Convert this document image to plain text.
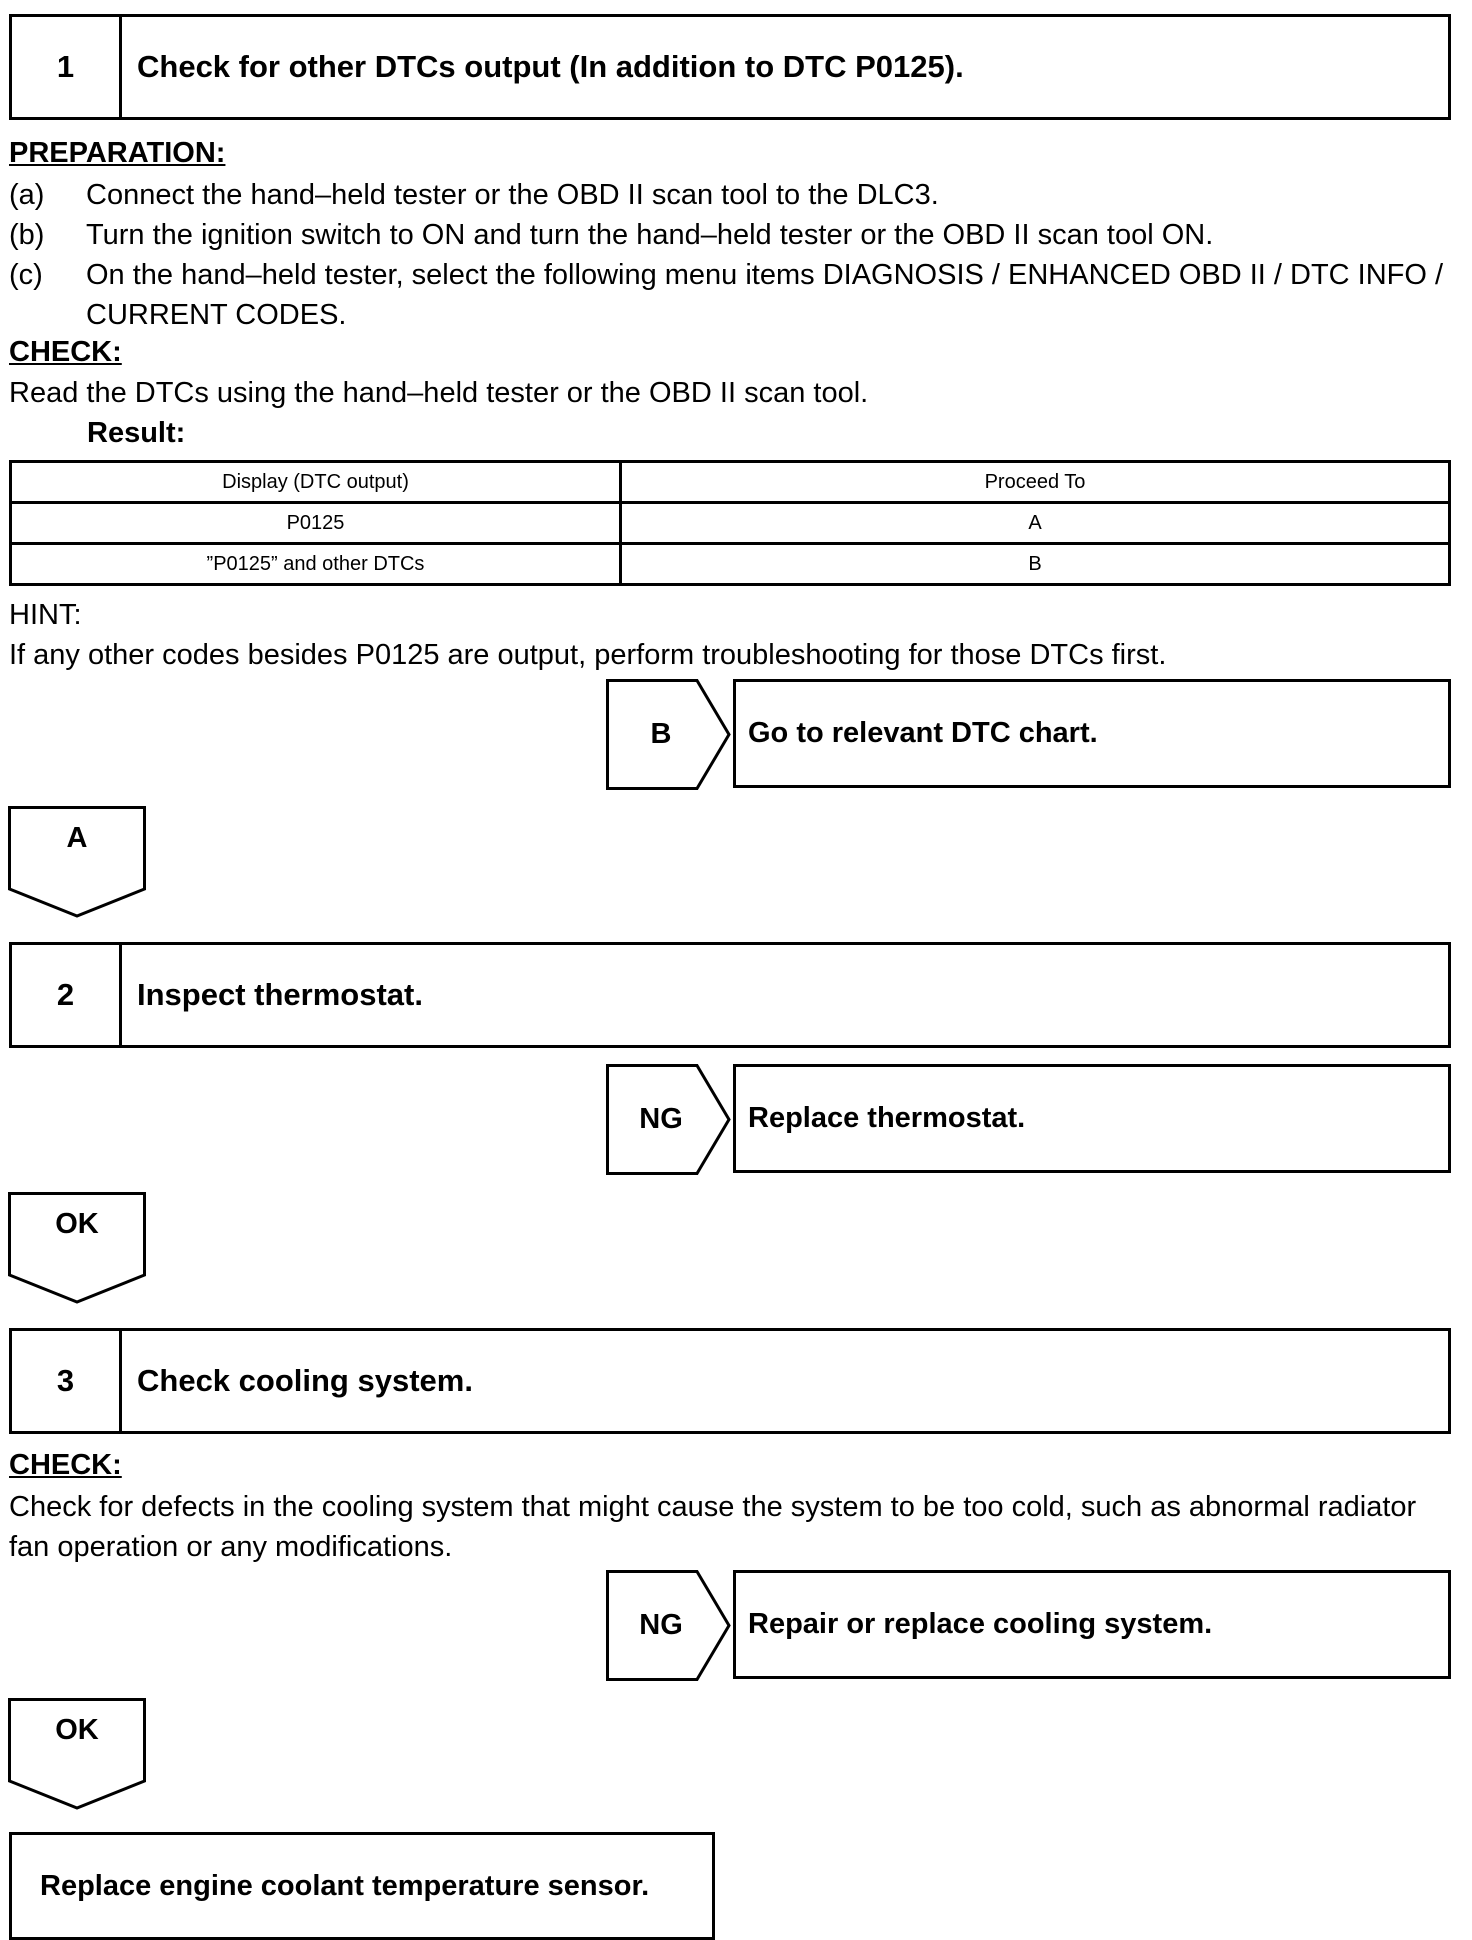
1	Check for other DTCs output (In addition to DTC P0125).
PREPARATION:
(a) Connect the hand–held tester or the OBD II scan tool to the DLC3.
(b) Turn the ignition switch to ON and turn the hand–held tester or the OBD II scan tool ON.
(c) On the hand–held tester, select the following menu items DIAGNOSIS / ENHANCED OBD II / DTC INFO / CURRENT CODES.
CHECK:
Read the DTCs using the hand–held tester or the OBD II scan tool.
Result:
Display (DTC output)	Proceed To
P0125	A
”P0125” and other DTCs	B
HINT:
If any other codes besides P0125 are output, perform troubleshooting for those DTCs first.
B	Go to relevant DTC chart.
A
2	Inspect thermostat.
NG	Replace thermostat.
OK
3	Check cooling system.
CHECK:
Check for defects in the cooling system that might cause the system to be too cold, such as abnormal radiator fan operation or any modifications.
NG	Repair or replace cooling system.
OK
Replace engine coolant temperature sensor.
